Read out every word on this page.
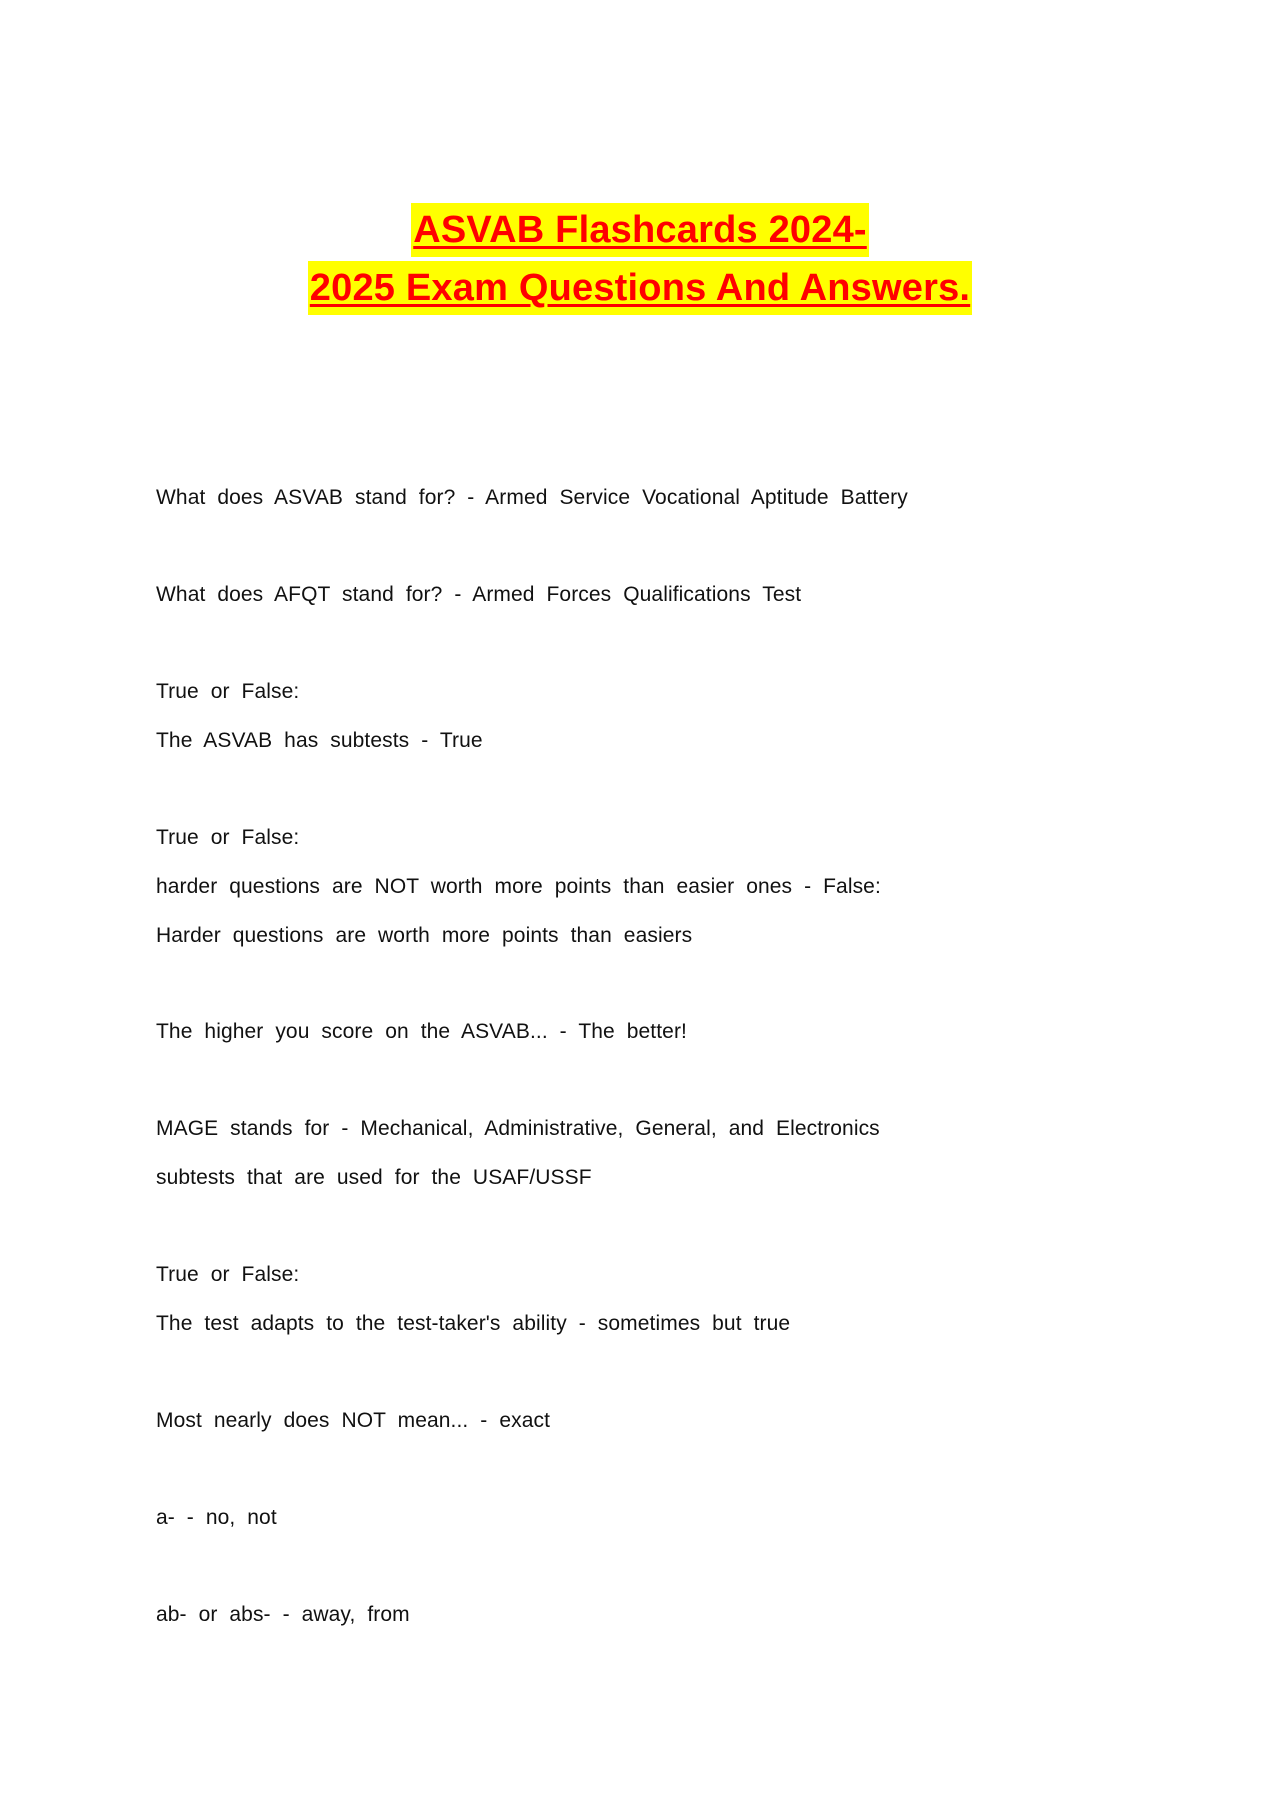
ASVAB Flashcards 2024-
2025 Exam Questions And Answers.
What does ASVAB stand for? - Armed Service Vocational Aptitude Battery
What does AFQT stand for? - Armed Forces Qualifications Test
True or False:
The ASVAB has subtests - True
True or False:
harder questions are NOT worth more points than easier ones - False:
Harder questions are worth more points than easiers
The higher you score on the ASVAB... - The better!
MAGE stands for - Mechanical, Administrative, General, and Electronics
subtests that are used for the USAF/USSF
True or False:
The test adapts to the test-taker's ability - sometimes but true
Most nearly does NOT mean... - exact
a- - no, not
ab- or abs- - away, from
